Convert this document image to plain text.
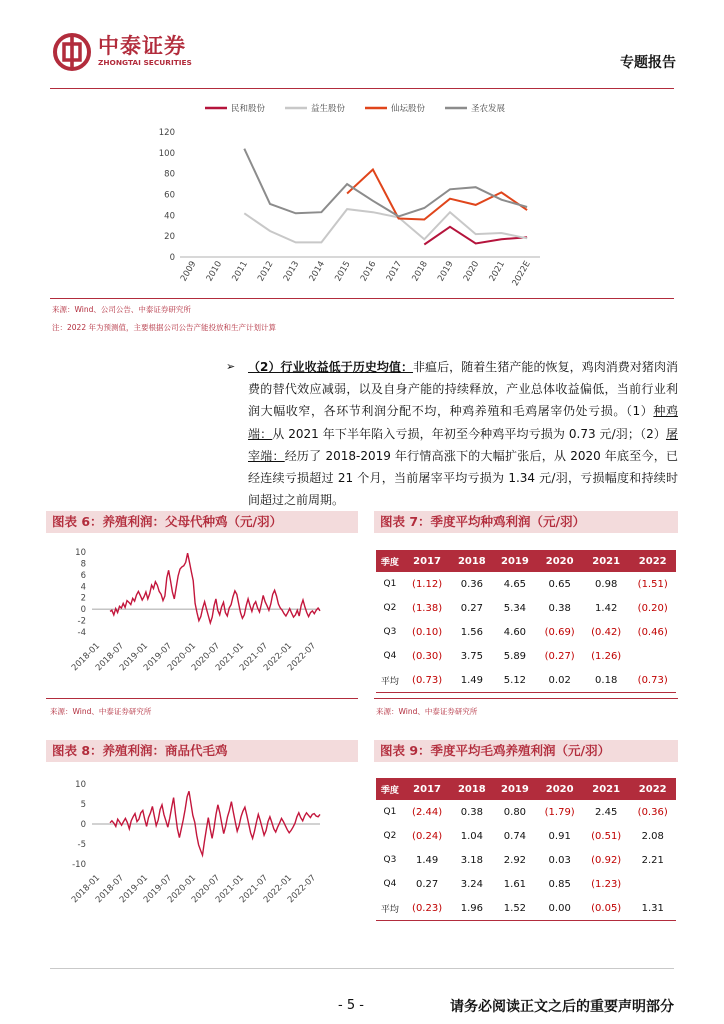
中泰证券
ZHONGTAI SECURITIES	专题报告
民和股份	益生股份	仙坛股份	圣农发展
0
20
40
60
80
100
120
2009 2010 2011 2012 2013 2014 2015 2016 2017 2018 2019 2020 2021 2022E
来源：Wind、公司公告、中泰证券研究所
注：2022 年为预测值，主要根据公司公告产能投放和生产计划计算
➢ （2）行业收益低于历史均值：非瘟后，随着生猪产能的恢复，鸡肉消费对猪肉消费的替代效应减弱，以及自身产能的持续释放，产业总体收益偏低，当前行业利润大幅收窄，各环节利润分配不均，种鸡养殖和毛鸡屠宰仍处亏损。（1）种鸡端：从 2021 年下半年陷入亏损，年初至今种鸡平均亏损为 0.73 元/羽；（2）屠宰端：经历了 2018-2019 年行情高涨下的大幅扩张后，从 2020 年底至今，已经连续亏损超过 21 个月，当前屠宰平均亏损为 1.34 元/羽，亏损幅度和持续时间超过之前周期。
图表 6：养殖利润：父母代种鸡（元/羽）
10
8
6
4
2
0
-2
-4
2018-01
2018-07
2019-01
2019-07
2020-01
2020-07
2021-01
2021-07
2022-01
2022-07
来源：Wind、中泰证券研究所
图表 7：季度平均种鸡利润（元/羽）
季度	2017	2018	2019	2020	2021	2022
Q1	(1.12)	0.36	4.65	0.65	0.98	(1.51)
Q2	(1.38)	0.27	5.34	0.38	1.42	(0.20)
Q3	(0.10)	1.56	4.60	(0.69)	(0.42)	(0.46)
Q4	(0.30)	3.75	5.89	(0.27)	(1.26)	
平均	(0.73)	1.49	5.12	0.02	0.18	(0.73)
来源：Wind、中泰证券研究所
图表 8：养殖利润：商品代毛鸡
10
5
0
-5
-10
2018-01
2018-07
2019-01
2019-07
2020-01
2020-07
2021-01
2021-07
2022-01
2022-07
图表 9：季度平均毛鸡养殖利润（元/羽）
季度	2017	2018	2019	2020	2021	2022
Q1	(2.44)	0.38	0.80	(1.79)	2.45	(0.36)
Q2	(0.24)	1.04	0.74	0.91	(0.51)	2.08
Q3	1.49	3.18	2.92	0.03	(0.92)	2.21
Q4	0.27	3.24	1.61	0.85	(1.23)	
平均	(0.23)	1.96	1.52	0.00	(0.05)	1.31
- 5 -	请务必阅读正文之后的重要声明部分
